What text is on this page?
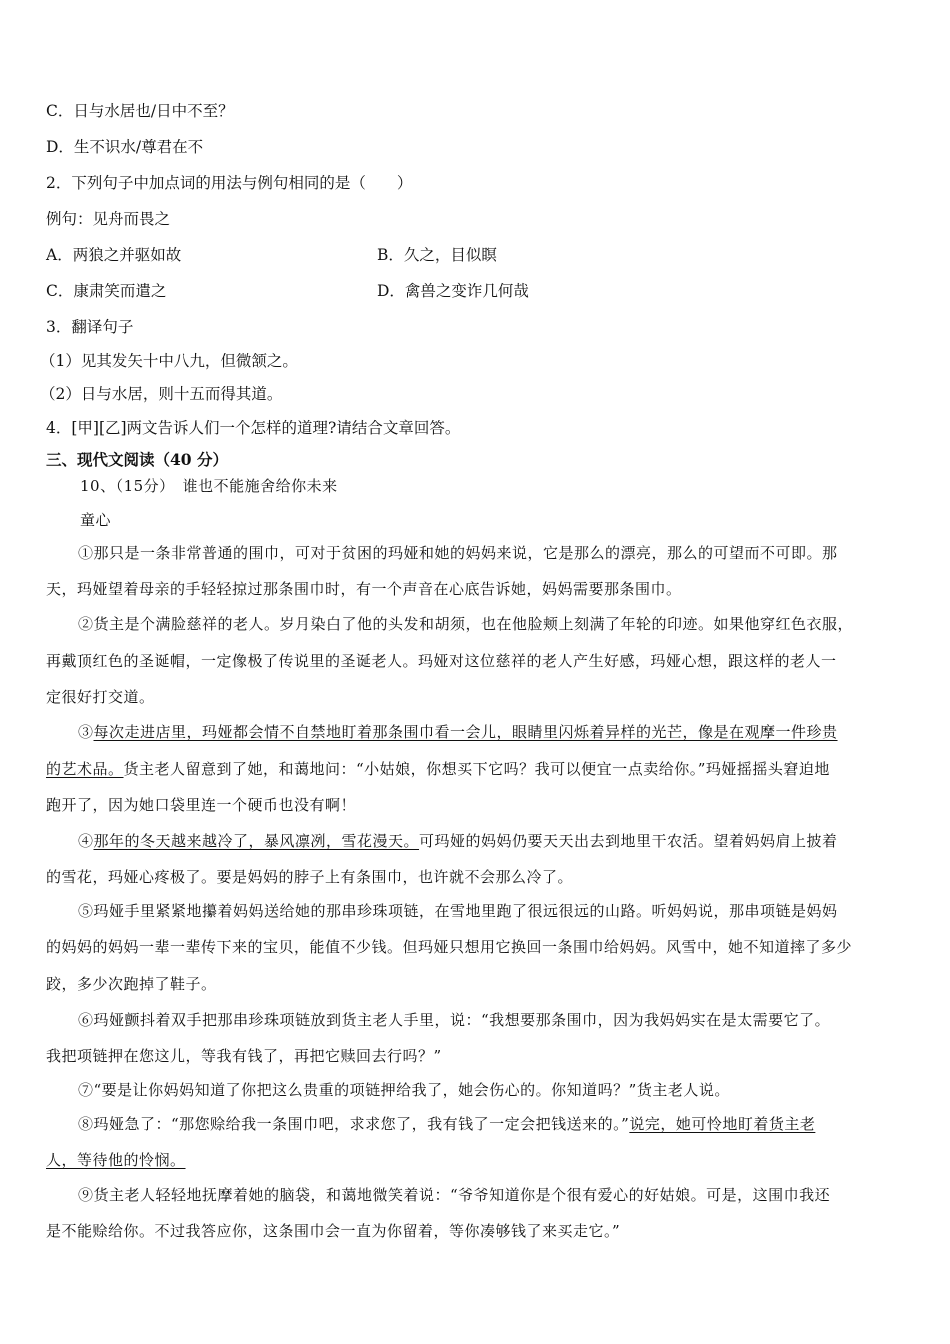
C．日与水居也/日中不至？
D．生不识水/尊君在不
2．下列句子中加点词的用法与例句相同的是（　　）
例句：见舟而畏之
A．两狼之并驱如故	B．久之，目似瞑
C．康肃笑而遣之	D．禽兽之变诈几何哉
3．翻译句子
（1）见其发矢十中八九，但微颔之。
（2）日与水居，则十五而得其道。
4．[甲][乙]两文告诉人们一个怎样的道理?请结合文章回答。
三、现代文阅读（40 分）
10、（15分）　谁也不能施舍给你未来
童心
①那只是一条非常普通的围巾，可对于贫困的玛娅和她的妈妈来说，它是那么的漂亮，那么的可望而不可即。那
天，玛娅望着母亲的手轻轻掠过那条围巾时，有一个声音在心底告诉她，妈妈需要那条围巾。
②货主是个满脸慈祥的老人。岁月染白了他的头发和胡须，也在他脸颊上刻满了年轮的印迹。如果他穿红色衣服，
再戴顶红色的圣诞帽，一定像极了传说里的圣诞老人。玛娅对这位慈祥的老人产生好感，玛娅心想，跟这样的老人一
定很好打交道。
③每次走进店里，玛娅都会情不自禁地盯着那条围巾看一会儿，眼睛里闪烁着异样的光芒，像是在观摩一件珍贵
的艺术品。货主老人留意到了她，和蔼地问：“小姑娘，你想买下它吗？我可以便宜一点卖给你。”玛娅摇摇头窘迫地
跑开了，因为她口袋里连一个硬币也没有啊！
④那年的冬天越来越冷了，暴风凛冽，雪花漫天。可玛娅的妈妈仍要天天出去到地里干农活。望着妈妈肩上披着
的雪花，玛娅心疼极了。要是妈妈的脖子上有条围巾，也许就不会那么冷了。
⑤玛娅手里紧紧地攥着妈妈送给她的那串珍珠项链，在雪地里跑了很远很远的山路。听妈妈说，那串项链是妈妈
的妈妈的妈妈一辈一辈传下来的宝贝，能值不少钱。但玛娅只想用它换回一条围巾给妈妈。风雪中，她不知道摔了多少
跤，多少次跑掉了鞋子。
⑥玛娅颤抖着双手把那串珍珠项链放到货主老人手里，说：“我想要那条围巾，因为我妈妈实在是太需要它了。
我把项链押在您这儿，等我有钱了，再把它赎回去行吗？”
⑦“要是让你妈妈知道了你把这么贵重的项链押给我了，她会伤心的。你知道吗？”货主老人说。
⑧玛娅急了：“那您赊给我一条围巾吧，求求您了，我有钱了一定会把钱送来的。”说完，她可怜地盯着货主老
人，等待他的怜悯。
⑨货主老人轻轻地抚摩着她的脑袋，和蔼地微笑着说：“爷爷知道你是个很有爱心的好姑娘。可是，这围巾我还
是不能赊给你。不过我答应你，这条围巾会一直为你留着，等你凑够钱了来买走它。”
